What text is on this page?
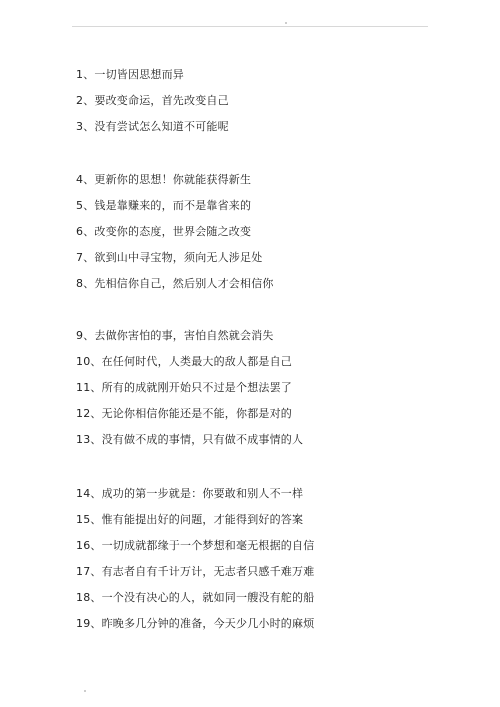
1、一切皆因思想而异
2、要改变命运，首先改变自己
3、没有尝试怎么知道不可能呢
4、更新你的思想！你就能获得新生
5、钱是靠赚来的，而不是靠省来的
6、改变你的态度，世界会随之改变
7、欲到山中寻宝物，须向无人涉足处
8、先相信你自己，然后别人才会相信你
9、去做你害怕的事，害怕自然就会消失
10、在任何时代，人类最大的敌人都是自己
11、所有的成就刚开始只不过是个想法罢了
12、无论你相信你能还是不能，你都是对的
13、没有做不成的事情，只有做不成事情的人
14、成功的第一步就是：你要敢和别人不一样
15、惟有能提出好的问题，才能得到好的答案
16、一切成就都缘于一个梦想和毫无根据的自信
17、有志者自有千计万计，无志者只感千难万难
18、一个没有决心的人，就如同一艘没有舵的船
19、昨晚多几分钟的准备，今天少几小时的麻烦
